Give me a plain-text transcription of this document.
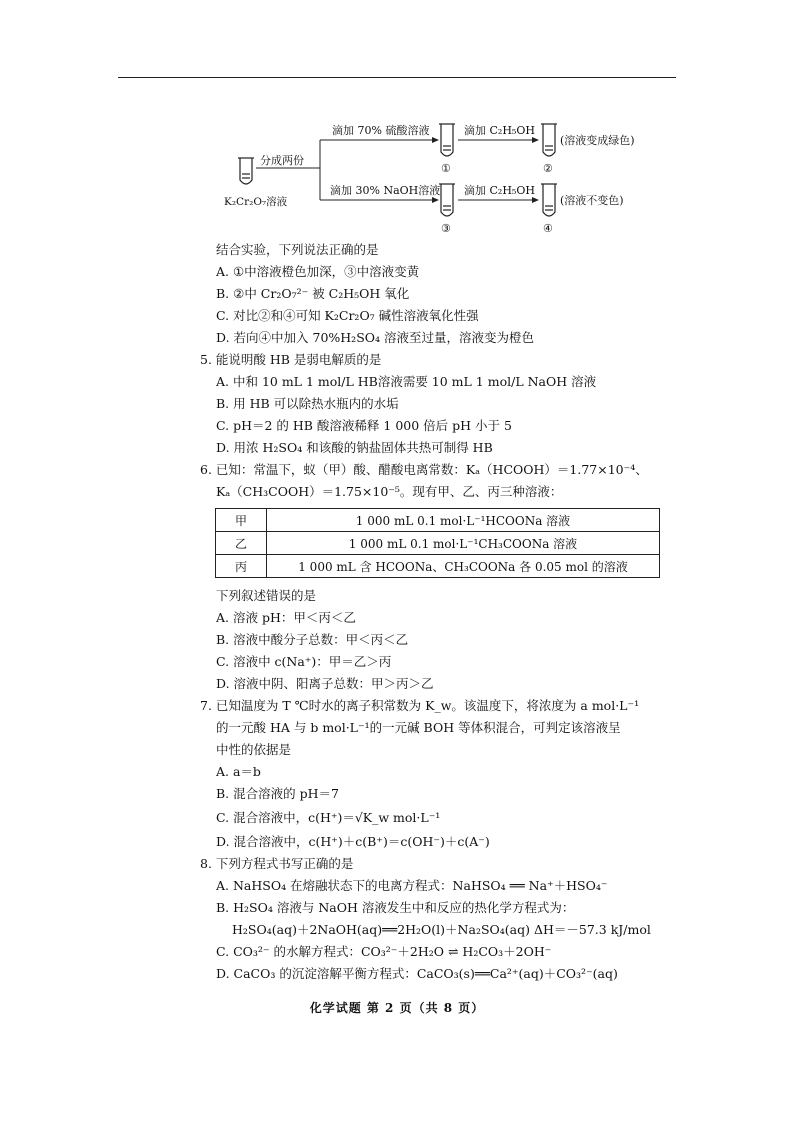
分成两份
K₂Cr₂O₇溶液
滴加 70% 硫酸溶液	滴加 C₂H₅OH
滴加 30% NaOH溶液 滴加 C₂H₅OH
①	②
③	④
(溶液变成绿色)
(溶液不变色)
结合实验，下列说法正确的是
A. ①中溶液橙色加深，③中溶液变黄
B. ②中 Cr₂O₇²⁻ 被 C₂H₅OH 氧化
C. 对比②和④可知 K₂Cr₂O₇ 碱性溶液氧化性强
D. 若向④中加入 70%H₂SO₄ 溶液至过量，溶液变为橙色
5. 能说明酸 HB 是弱电解质的是
A. 中和 10 mL 1 mol/L HB溶液需要 10 mL 1 mol/L NaOH 溶液
B. 用 HB 可以除热水瓶内的水垢
C. pH＝2 的 HB 酸溶液稀释 1 000 倍后 pH 小于 5
D. 用浓 H₂SO₄ 和该酸的钠盐固体共热可制得 HB
6. 已知：常温下，蚁（甲）酸、醋酸电离常数：Kₐ（HCOOH）＝1.77×10⁻⁴、
Kₐ（CH₃COOH）＝1.75×10⁻⁵。现有甲、乙、丙三种溶液：
甲	1 000 mL 0.1 mol·L⁻¹HCOONa 溶液
乙	1 000 mL 0.1 mol·L⁻¹CH₃COONa 溶液
丙	1 000 mL 含 HCOONa、CH₃COONa 各 0.05 mol 的溶液
下列叙述错误的是
A. 溶液 pH：甲＜丙＜乙
B. 溶液中酸分子总数：甲＜丙＜乙
C. 溶液中 c(Na⁺)：甲＝乙＞丙
D. 溶液中阴、阳离子总数：甲＞丙＞乙
7. 已知温度为 T ℃时水的离子积常数为 K_w。该温度下，将浓度为 a mol·L⁻¹
的一元酸 HA 与 b mol·L⁻¹的一元碱 BOH 等体积混合，可判定该溶液呈
中性的依据是
A. a＝b
B. 混合溶液的 pH＝7
C. 混合溶液中，c(H⁺)＝√K_w mol·L⁻¹
D. 混合溶液中，c(H⁺)＋c(B⁺)＝c(OH⁻)＋c(A⁻)
8. 下列方程式书写正确的是
A. NaHSO₄ 在熔融状态下的电离方程式：NaHSO₄ ══ Na⁺＋HSO₄⁻
B. H₂SO₄ 溶液与 NaOH 溶液发生中和反应的热化学方程式为：
H₂SO₄(aq)＋2NaOH(aq)══2H₂O(l)＋Na₂SO₄(aq) ΔH＝－57.3 kJ/mol
C. CO₃²⁻ 的水解方程式：CO₃²⁻＋2H₂O ⇌ H₂CO₃＋2OH⁻
D. CaCO₃ 的沉淀溶解平衡方程式：CaCO₃(s)══Ca²⁺(aq)＋CO₃²⁻(aq)
化学试题 第 2 页（共 8 页）
